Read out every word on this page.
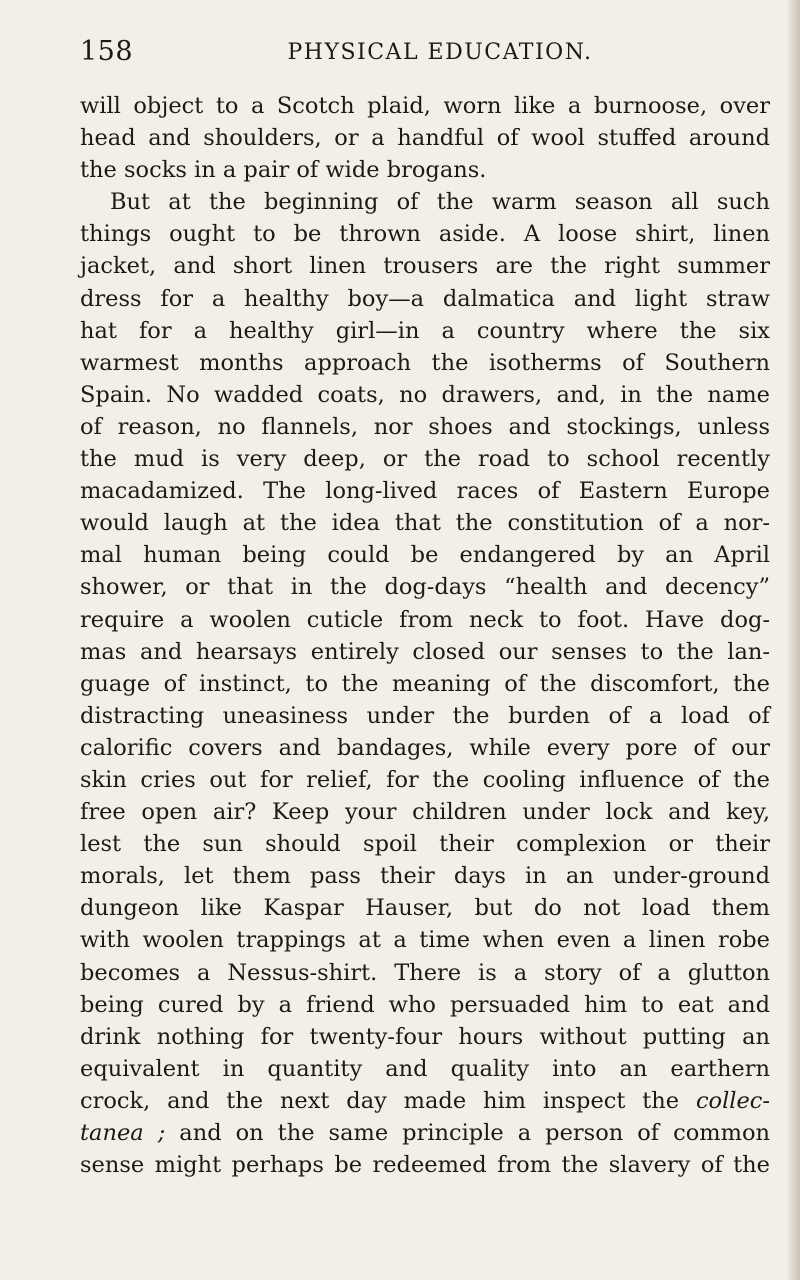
158	PHYSICAL EDUCATION.
will object to a Scotch plaid, worn like a burnoose, over
head and shoulders, or a handful of wool stuffed around
the socks in a pair of wide brogans.
But at the beginning of the warm season all such
things ought to be thrown aside. A loose shirt, linen
jacket, and short linen trousers are the right summer
dress for a healthy boy—a dalmatica and light straw
hat for a healthy girl—in a country where the six
warmest months approach the isotherms of Southern
Spain. No wadded coats, no drawers, and, in the name
of reason, no flannels, nor shoes and stockings, unless
the mud is very deep, or the road to school recently
macadamized. The long-lived races of Eastern Europe
would laugh at the idea that the constitution of a nor-
mal human being could be endangered by an April
shower, or that in the dog-days “health and decency”
require a woolen cuticle from neck to foot. Have dog-
mas and hearsays entirely closed our senses to the lan-
guage of instinct, to the meaning of the discomfort, the
distracting uneasiness under the burden of a load of
calorific covers and bandages, while every pore of our
skin cries out for relief, for the cooling influence of the
free open air? Keep your children under lock and key,
lest the sun should spoil their complexion or their
morals, let them pass their days in an under-ground
dungeon like Kaspar Hauser, but do not load them
with woolen trappings at a time when even a linen robe
becomes a Nessus-shirt. There is a story of a glutton
being cured by a friend who persuaded him to eat and
drink nothing for twenty-four hours without putting an
equivalent in quantity and quality into an earthern
crock, and the next day made him inspect the collec-
tanea ; and on the same principle a person of common
sense might perhaps be redeemed from the slavery of the
